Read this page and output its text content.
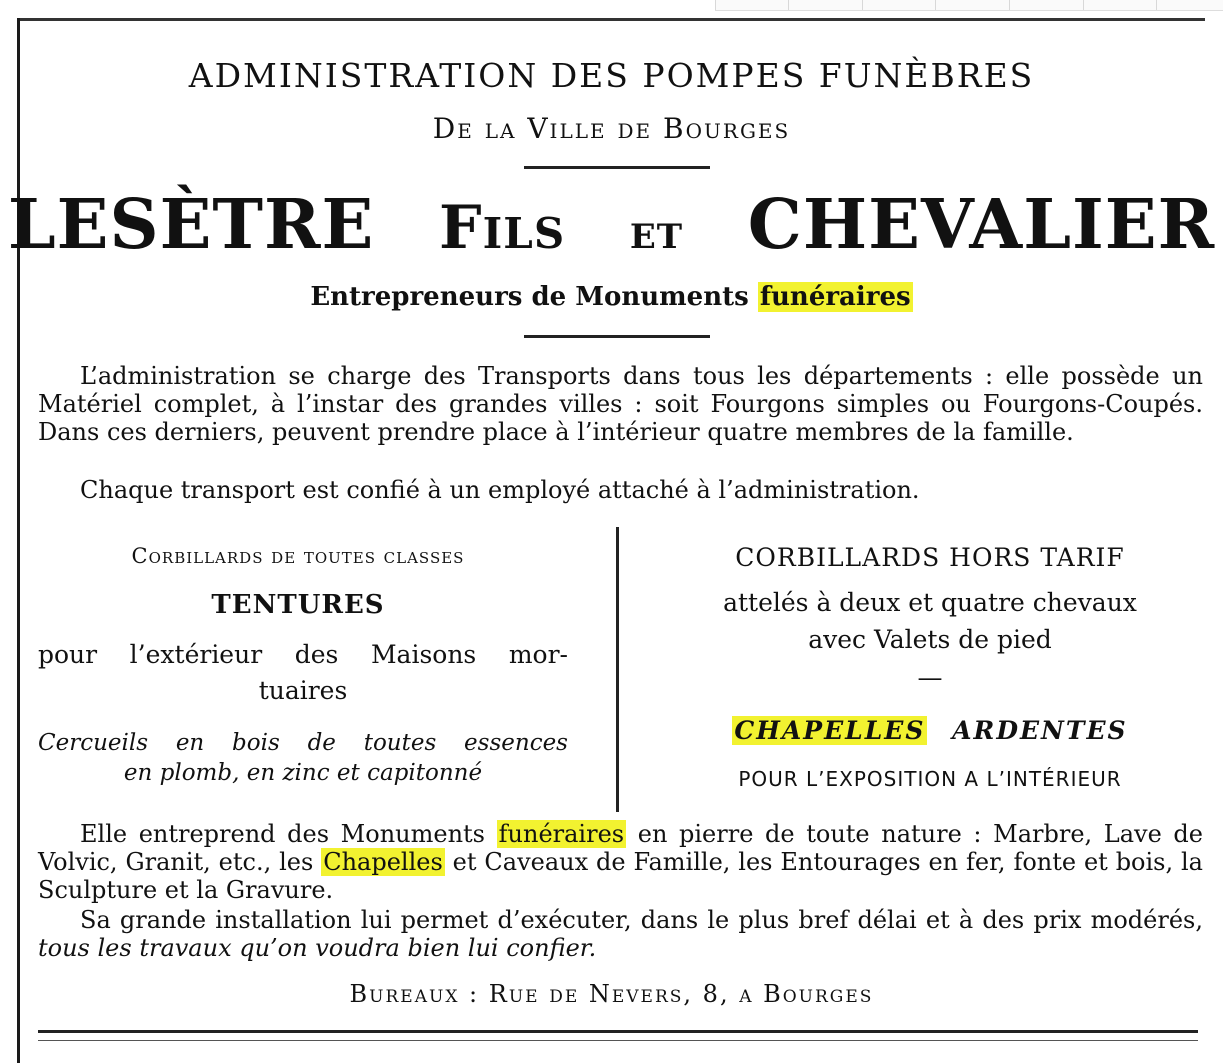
ADMINISTRATION DES POMPES FUNÈBRES
De la Ville de Bourges
LESÈTRE Fils et CHEVALIER
Entrepreneurs de Monuments funéraires
L’administration se charge des Transports dans tous les départements : elle possède un Matériel complet, à l’instar des grandes villes : soit Fourgons simples ou Fourgons-Coupés. Dans ces derniers, peuvent prendre place à l’intérieur quatre membres de la famille.
Chaque transport est confié à un employé attaché à l’administration.
Corbillards de toutes classes
TENTURES
pour l’extérieur des Maisons mor-
tuaires
Cercueils en bois de toutes essences
en plomb, en zinc et capitonné
CORBILLARDS HORS TARIF
attelés à deux et quatre chevaux
avec Valets de pied
—
CHAPELLES ARDENTES
POUR L’EXPOSITION A L’INTÉRIEUR
Elle entreprend des Monuments funéraires en pierre de toute nature : Marbre, Lave de Volvic, Granit, etc., les Chapelles et Caveaux de Famille, les Entourages en fer, fonte et bois, la Sculpture et la Gravure.
Sa grande installation lui permet d’exécuter, dans le plus bref délai et à des prix modérés, tous les travaux qu’on voudra bien lui confier.
Bureaux : Rue de Nevers, 8, a Bourges
